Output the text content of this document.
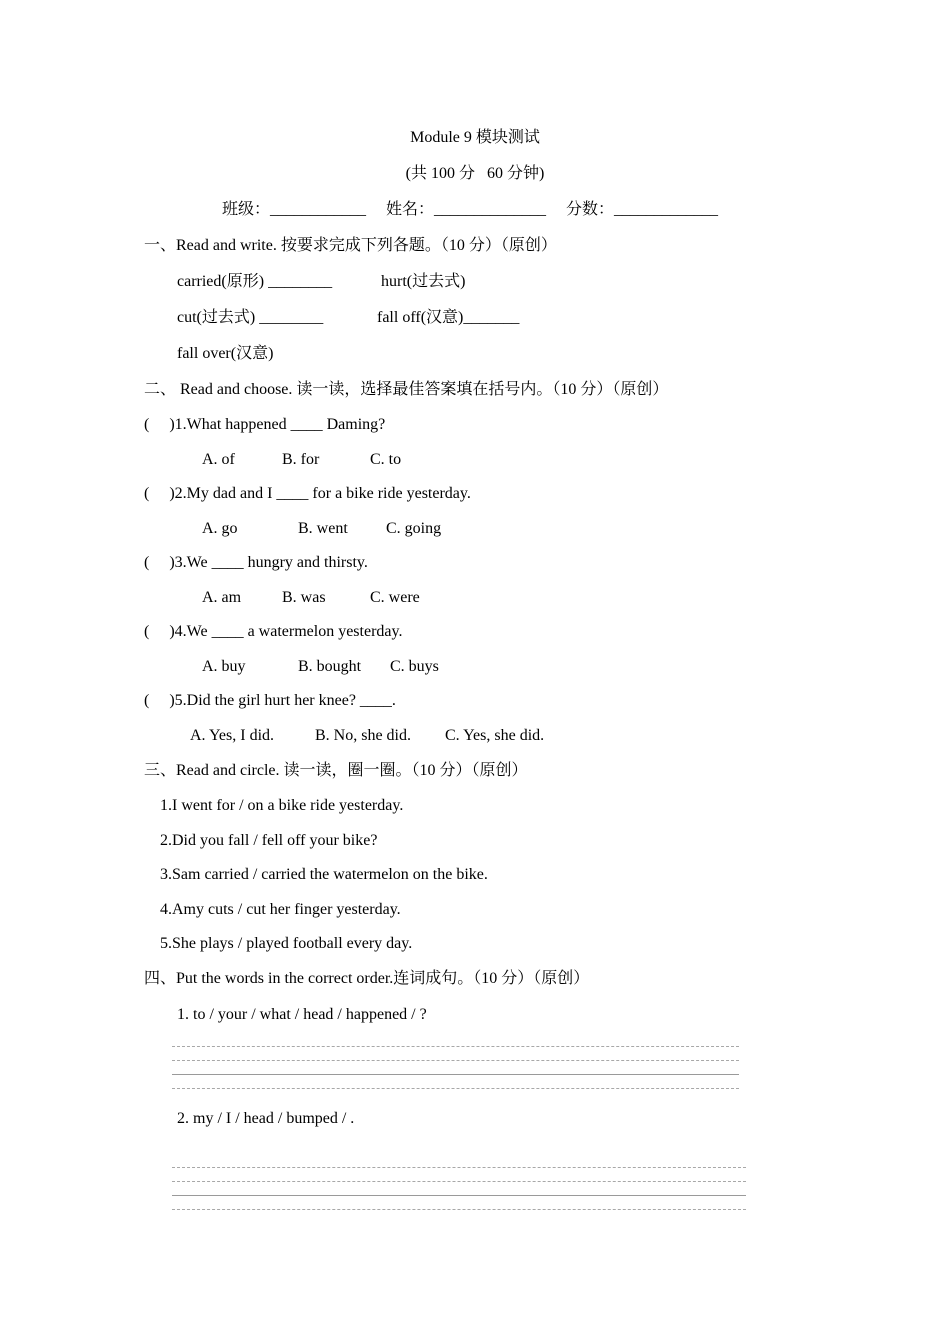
Module 9 模块测试
(共 100 分   60 分钟)
班级：____________     姓名：______________     分数：_____________
一、Read and write. 按要求完成下列各题。（10 分）（原创）
carried(原形) ________	hurt(过去式)
cut(过去式) ________	fall off(汉意)_______
fall over(汉意)
二、 Read and choose. 读一读，选择最佳答案填在括号内。（10 分）（原创）
(     )1.What happened ____ Daming?
A. of	B. for	C. to
(     )2.My dad and I ____ for a bike ride yesterday.
A. go	B. went C. going
(     )3.We ____ hungry and thirsty.
A. am	B. was	C. were
(     )4.We ____ a watermelon yesterday.
A. buy	B. bought C. buys
(     )5.Did the girl hurt her knee? ____.
A. Yes, I did.	B. No, she did. C. Yes, she did.
三、Read and circle. 读一读，圈一圈。（10 分）（原创）
1.I went for / on a bike ride yesterday.
2.Did you fall / fell off your bike?
3.Sam carried / carried the watermelon on the bike.
4.Amy cuts / cut her finger yesterday.
5.She plays / played football every day.
四、Put the words in the correct order.连词成句。（10 分）（原创）
1. to / your / what / head / happened / ?
2. my / I / head / bumped / .
